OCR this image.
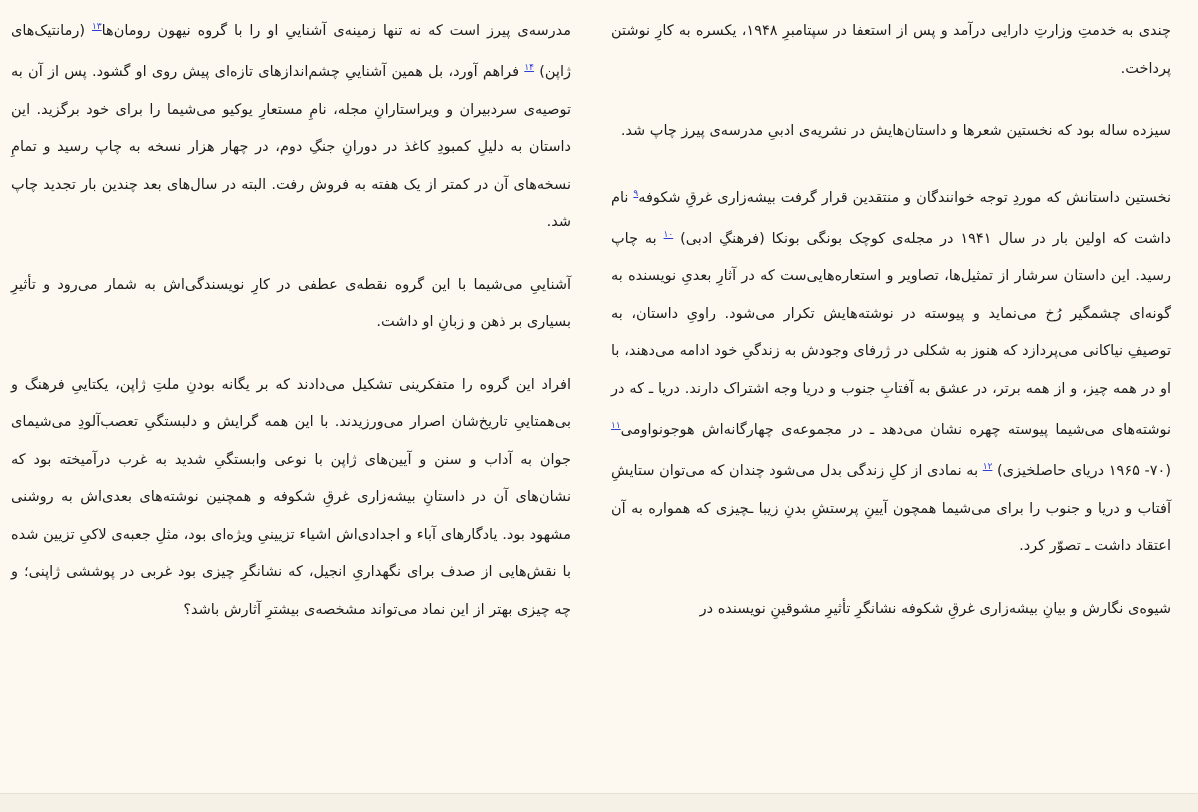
چندی به خدمتِ وزارتِ دارایی درآمد و پس از استعفا در سپتامبرِ ۱۹۴۸، یکسره به کارِ نوشتن پرداخت.

سیزده ساله بود که نخستین شعرها و داستان‌هایش در نشریه‌ی ادبیِ مدرسه‌ی پیرز چاپ شد.

نخستین داستانش که موردِ توجه خوانندگان و منتقدین قرار گرفت بیشه‌زاری غرقِ شکوفه$^۹$ نام داشت که اولین بار در سال ۱۹۴۱ در مجله‌ی کوچک بونگی بونکا (فرهنگِ ادبی) $^{۱۰}$ به چاپ رسید. این داستان سرشار از تمثیل‌ها، تصاویر و استعاره‌هایی‌ست که در آثارِ بعدیِ نویسنده به گونه‌ای چشمگیر رُخ می‌نماید و پیوسته در نوشته‌هایش تکرار می‌شود. راویِ داستان، به توصیفِ نیاکانی می‌پردازد که هنوز به شکلی در ژرفای وجودش به زندگیِ خود ادامه می‌دهند، با او در همه چیز، و از همه برتر، در عشق به آفتابِ جنوب و دریا وجه اشتراک دارند. دریا ـ که در نوشته‌های می‌شیما پیوسته چهره نشان می‌دهد ـ در مجموعه‌ی چهارگانه‌اش هوجونواومی$^{۱۱}$ (۷۰- ۱۹۶۵ دریای حاصلخیزی) $^{۱۲}$ به نمادی از کلِ زندگی بدل می‌شود چندان که می‌توان ستایشِ آفتاب و دریا و جنوب را برای می‌شیما همچون آیینِ پرستشِ بدنِ زیبا ـچیزی که همواره به آن اعتقاد داشت ـ تصوّر کرد.

شیوه‌ی نگارش و بیانِ بیشه‌زاری غرقِ شکوفه نشانگرِ تأثیرِ مشوقینِ نویسنده در

مدرسه‌ی پیرز است که نه تنها زمینه‌ی آشناییِ او را با گروه نیهون رومان‌ها$^{۱۳}$ (رمانتیک‌های ژاپن) $^{۱۴}$ فراهم آورد، بل همین آشناییِ چشم‌اندازهای تازه‌ای پیش روی او گشود. پس از آن به توصیه‌ی سردبیران و ویراستارانِ مجله، نامِ مستعارِ یوکیو می‌شیما را برای خود برگزید. این داستان به دلیلِ کمبودِ کاغذ در دورانِ جنگِ دوم، در چهار هزار نسخه به چاپ رسید و تمامِ نسخه‌های آن در کمتر از یک هفته به فروش رفت. البته در سال‌های بعد چندین بار تجدید چاپ شد.

آشناییِ می‌شیما با این گروه نقطه‌ی عطفی در کارِ نویسندگی‌اش به شمار می‌رود و تأثیرِ بسیاری بر ذهن و زبانِ او داشت.

افراد این گروه را متفکرینی تشکیل می‌دادند که بر یگانه بودنِ ملتِ ژاپن، یکتاییِ فرهنگ و بی‌همتاییِ تاریخ‌شان اصرار می‌ورزیدند. با این همه گرایش و دلبستگیِ تعصب‌آلودِ می‌شیمای جوان به آداب و سنن و آیین‌های ژاپن با نوعی وابستگیِ شدید به غرب درآمیخته بود که نشان‌های آن در داستانِ بیشه‌زاری غرقِ شکوفه و همچنین نوشته‌های بعدی‌اش به روشنی مشهود بود. یادگارهای آباء و اجدادی‌اش اشیاء تزیینیِ ویژه‌ای بود، مثلِ جعبه‌ی لاکیِ تزیین شده با نقش‌هایی از صدف برای نگهداریِ انجیل، که نشانگرِ چیزی بود غربی در پوششی ژاپنی؛ و چه چیزی بهتر از این نماد می‌تواند مشخصه‌ی بیشترِ آثارش باشد؟
